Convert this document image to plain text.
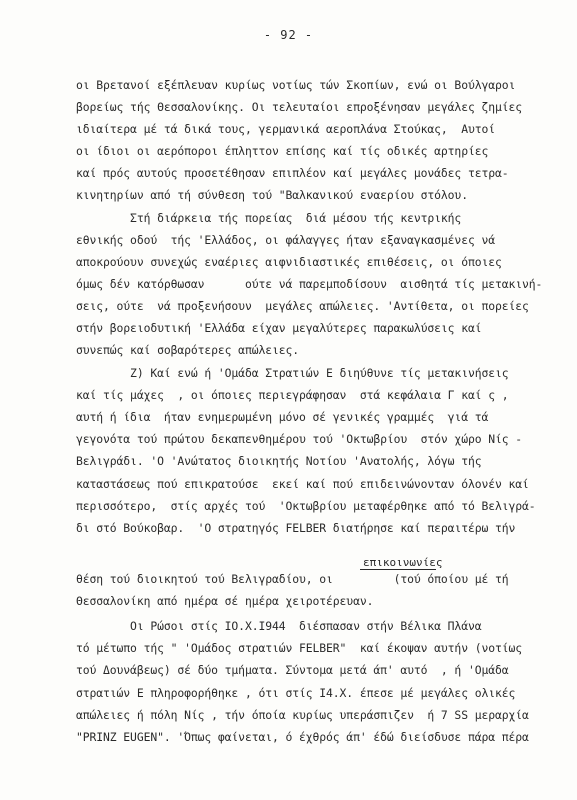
- 92 -
οι Βρετανοί εξέπλευαν κυρίως νοτίως τών Σκοπίων, ενώ οι Βούλγαροι
βορείως τής Θεσσαλονίκης. Οι τελευταίοι επροξένησαν μεγάλες ζημίες
ιδιαίτερα μέ τά δικά τους, γερμανικά αεροπλάνα Στούκας,  Αυτοί
οι ίδιοι οι αερόποροι έπληττον επίσης καί τίς οδικές αρτηρίες
καί πρός αυτούς προσετέθησαν επιπλέον καί μεγάλες μονάδες τετρα-
κινητηρίων από τή σύνθεση τού "Βαλκανικού εναερίου στόλου.
Στή διάρκεια τής πορείας  διά μέσου τής κεντρικής
εθνικής οδού  τής 'Ελλάδος, οι φάλαγγες ήταν εξαναγκασμένες νά
αποκρούουν συνεχώς εναέριες αιφνιδιαστικές επιθέσεις, οι όποιες
όμως δέν κατόρθωσαν      ούτε νά παρεμποδίσουν  αισθητά τίς μετακινή-
σεις, ούτε  νά προξενήσουν  μεγάλες απώλειες. 'Αντίθετα, οι πορείες
στήν βορειοδυτική 'Ελλάδα είχαν μεγαλύτερες παρακωλύσεις καί
συνεπώς καί σοβαρότερες απώλειες.
Ζ) Καί ενώ ή 'Ομάδα Στρατιών Ε διηύθυνε τίς μετακινήσεις
καί τίς μάχες  , οι όποιες περιεγράφησαν  στά κεφάλαια Γ καί ς ,
αυτή ή ίδια  ήταν ενημερωμένη μόνο σέ γενικές γραμμές  γιά τά
γεγονότα τού πρώτου δεκαπενθημέρου τού 'Οκτωβρίου  στόν χώρο Νίς -
Βελιγράδι. 'Ο 'Ανώτατος διοικητής Νοτίου 'Ανατολής, λόγω τής
καταστάσεως πού επικρατούσε  εκεί καί πού επιδεινώνονταν όλονέν καί
περισσότερο,  στίς αρχές τού  'Οκτωβρίου μεταφέρθηκε από τό Βελιγρά-
δι στό Βούκοβαρ.  'Ο στρατηγός FELBER διατήρησε καί περαιτέρω τήν
επικοινωνίες
θέση τού διοικητού τού Βελιγραδίου, οι         (τού όποίου μέ τή
Θεσσαλονίκη από ημέρα σέ ημέρα χειροτέρευαν.
Οι Ρώσοι στίς ΙΟ.Χ.Ι944  διέσπασαν στήν Βέλικα Πλάνα
τό μέτωπο τής " 'Ομάδος στρατιών FELBER"  καί έκοψαν αυτήν (νοτίως
τού Δουνάβεως) σέ δύο τμήματα. Σύντομα μετά άπ' αυτό  , ή 'Ομάδα
στρατιών Ε πληροφορήθηκε , ότι στίς Ι4.Χ. έπεσε μέ μεγάλες ολικές
απώλειες ή πόλη Νίς , τήν όποία κυρίως υπεράσπιζεν  ή 7 SS μεραρχία
"PRINZ EUGEN". 'Όπως φαίνεται, ό έχθρός άπ' έδώ διείσδυσε πάρα πέρα
